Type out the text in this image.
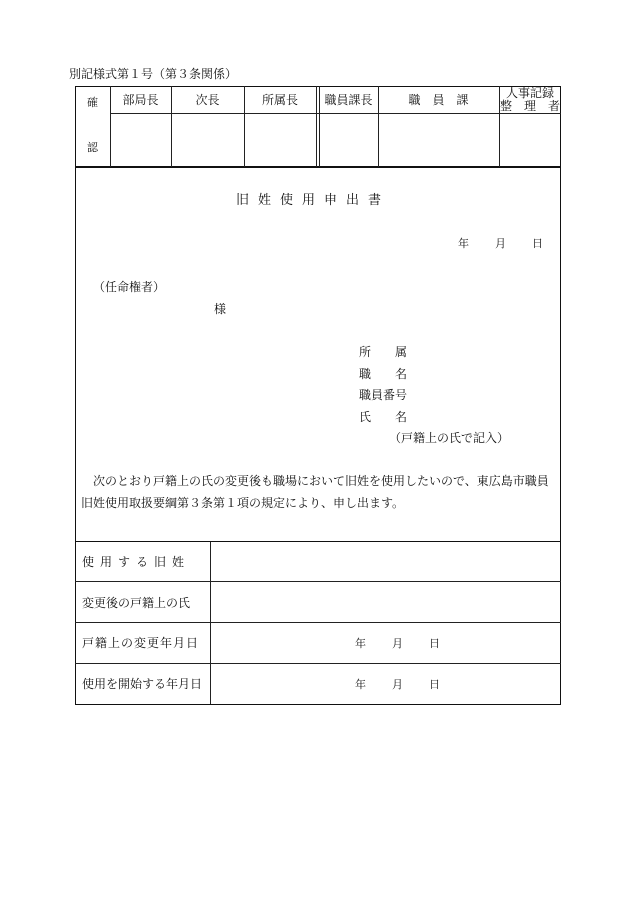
別記様式第１号（第３条関係）
確
認
部局長	次長	所属長	職員課長	職　員　課	人事記録
整　理　者
旧姓使用申出書
年 月 日
（任命権者）
様
所　　属
職　　名
職員番号
氏　　名
（戸籍上の氏で記入）
次のとおり戸籍上の氏の変更後も職場において旧姓を使用したいので、東広島市職員
旧姓使用取扱要綱第３条第１項の規定により、申し出ます。
使用する旧姓
変更後の戸籍上の氏
戸籍上の変更年月日	年 月 日
使用を開始する年月日	年 月 日
